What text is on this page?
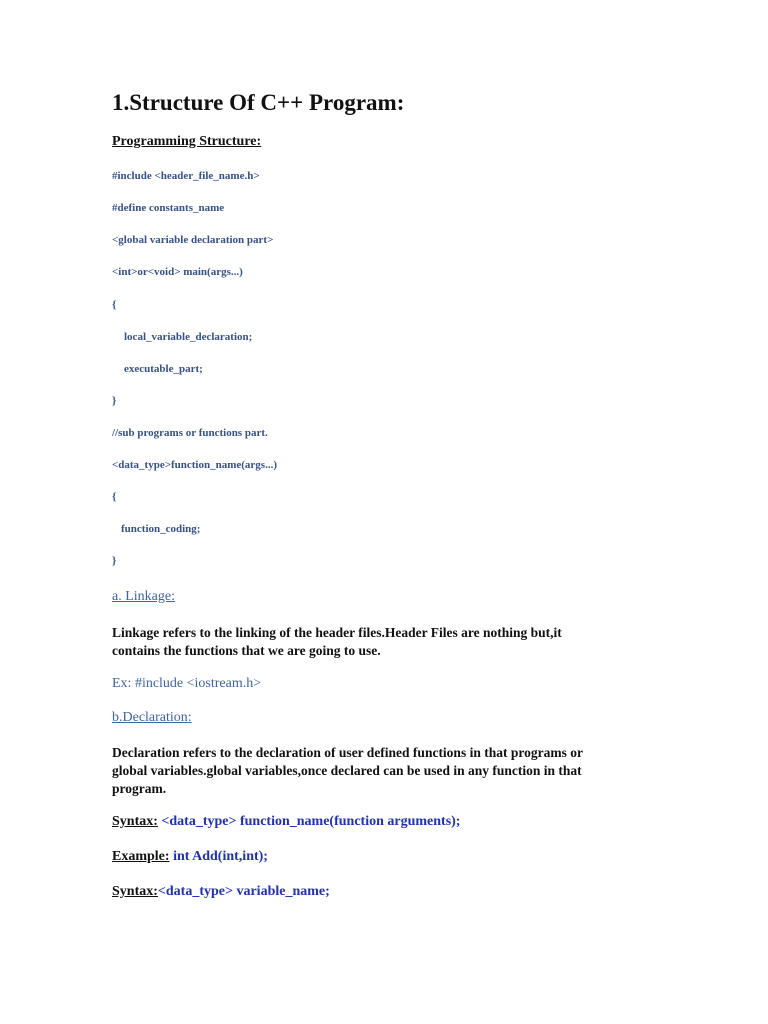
1.Structure Of C++ Program:
Programming Structure:
#include <header_file_name.h>
#define constants_name
<global variable declaration part>
<int>or<void> main(args...)
{
local_variable_declaration;
executable_part;
}
//sub programs or functions part.
<data_type>function_name(args...)
{
function_coding;
}
a. Linkage:
Linkage refers to the linking of the header files.Header Files are nothing but,it
contains the functions that we are going to use.
Ex: #include <iostream.h>
b.Declaration:
Declaration refers to the declaration of user defined functions in that programs or
global variables.global variables,once declared can be used in any function in that
program.
Syntax: <data_type> function_name(function arguments);
Example: int Add(int,int);
Syntax:<data_type> variable_name;
